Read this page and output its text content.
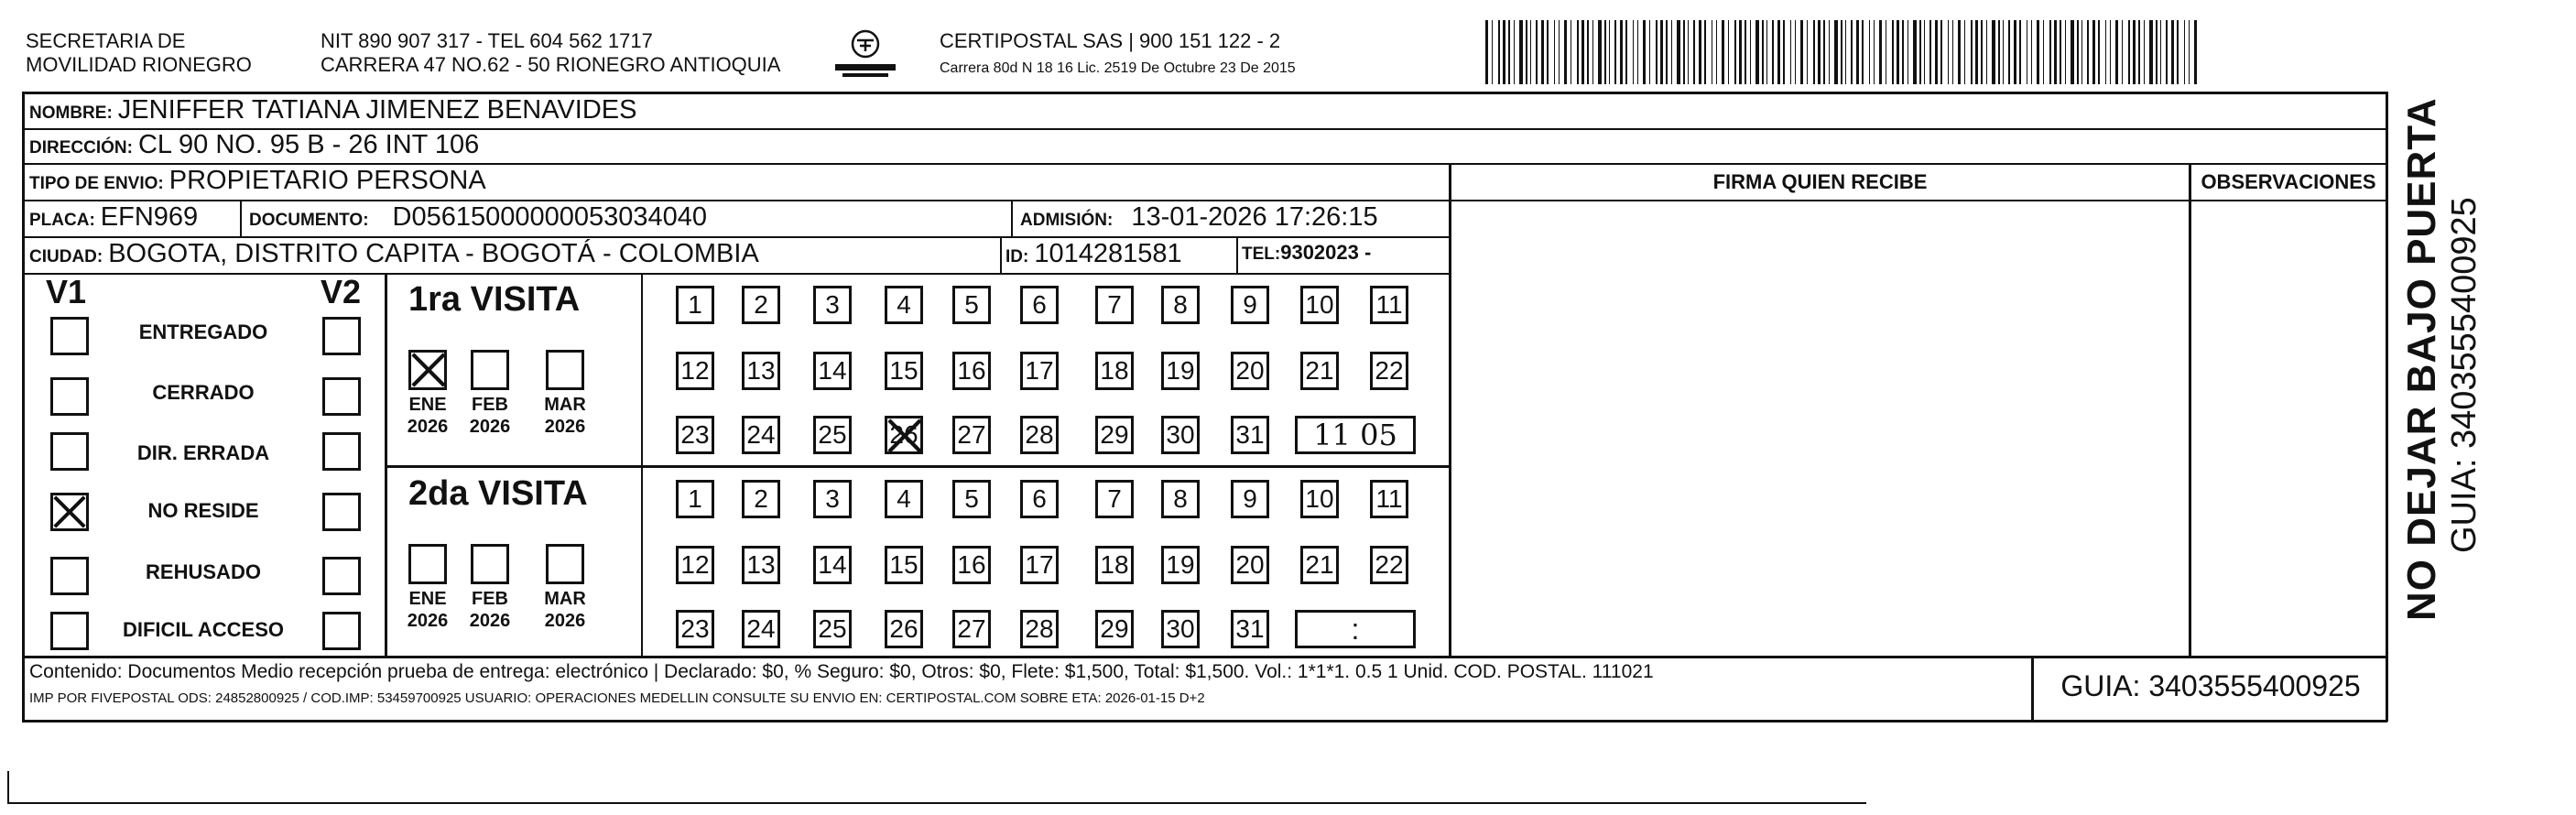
SECRETARIA DE
MOVILIDAD RIONEGRO
NIT 890 907 317 - TEL 604 562 1717
CARRERA 47 NO.62 - 50 RIONEGRO ANTIOQUIA
CERTIPOSTAL SAS | 900 151 122 - 2
Carrera 80d N 18 16 Lic. 2519 De Octubre 23 De 2015
NOMBRE: JENIFFER TATIANA JIMENEZ BENAVIDES
DIRECCIÓN: CL 90 NO. 95 B - 26 INT 106
TIPO DE ENVIO: PROPIETARIO PERSONA
PLACA: EFN969	DOCUMENTO: D05615000000053034040	ADMISIÓN: 13-01-2026 17:26:15
CIUDAD: BOGOTA, DISTRITO CAPITA - BOGOTÁ - COLOMBIA	ID: 1014281581	TEL: 9302023 -
FIRMA QUIEN RECIBE	OBSERVACIONES
V1	V2
ENTREGADO
CERRADO
DIR. ERRADA
NO RESIDE
REHUSADO
DIFICIL ACCESO
1ra VISITA
ENE
2026
FEB
2026
MAR
2026
1 2 3 4 5 6 7 8 9 10 11
12 13 14 15 16 17 18 19 20 21 22
23 24 25 26 27 28 29 30 31 11 05
2da VISITA
ENE
2026
FEB
2026
MAR
2026
1 2 3 4 5 6 7 8 9 10 11
12 13 14 15 16 17 18 19 20 21 22
23 24 25 26 27 28 29 30 31	:
Contenido: Documentos Medio recepción prueba de entrega: electrónico | Declarado: $0, % Seguro: $0, Otros: $0, Flete: $1,500, Total: $1,500. Vol.: 1*1*1. 0.5 1 Unid. COD. POSTAL. 111021
IMP POR FIVEPOSTAL ODS: 24852800925 / COD.IMP: 53459700925 USUARIO: OPERACIONES MEDELLIN CONSULTE SU ENVIO EN: CERTIPOSTAL.COM SOBRE ETA: 2026-01-15 D+2	GUIA: 3403555400925
NO DEJAR BAJO PUERTA GUIA: 3403555400925
